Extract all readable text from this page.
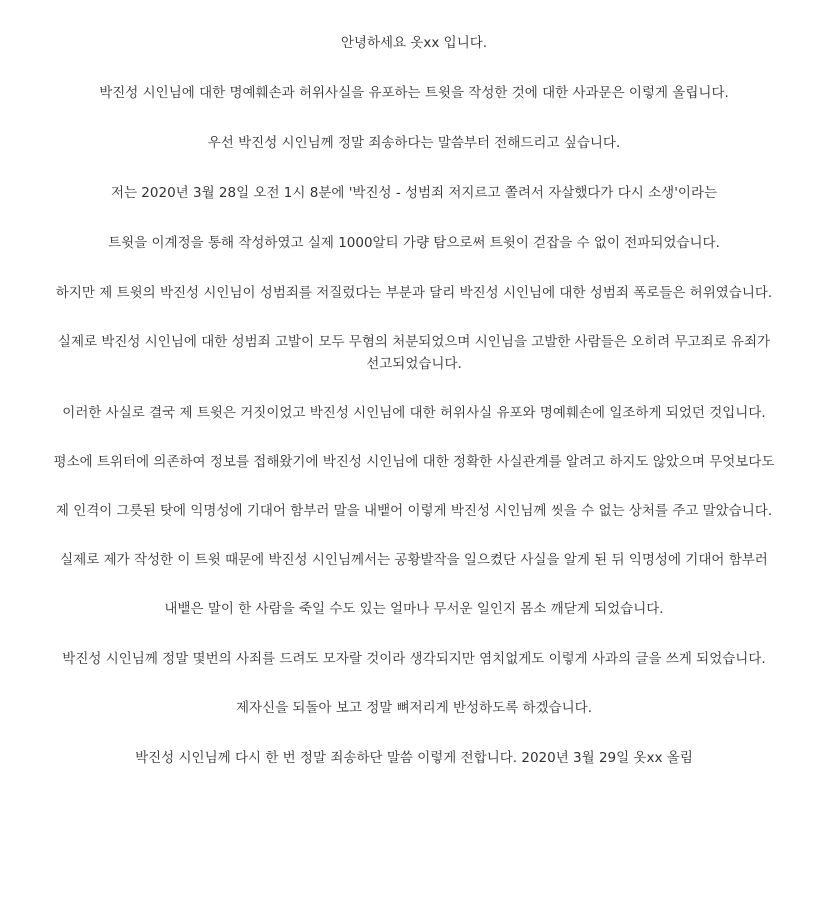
안녕하세요 옷xx 입니다.

박진성 시인님에 대한 명예훼손과 허위사실을 유포하는 트윗을 작성한 것에 대한 사과문은 이렇게 올립니다.

우선 박진성 시인님께 정말 죄송하다는 말씀부터 전해드리고 싶습니다.

저는 2020년 3월 28일 오전 1시 8분에 '박진성 - 성범죄 저지르고 쫄려서 자살했다가 다시 소생'이라는

트윗을 이계정을 통해 작성하였고 실제 1000알티 가량 탐으로써 트윗이 걷잡을 수 없이 전파되었습니다.

하지만 제 트윗의 박진성 시인님이 성범죄를 저질렀다는 부분과 달리 박진성 시인님에 대한 성범죄 폭로들은 허위였습니다.

실제로 박진성 시인님에 대한 성범죄 고발이 모두 무혐의 처분되었으며 시인님을 고발한 사람들은 오히려 무고죄로 유죄가 선고되었습니다.

이러한 사실로 결국 제 트윗은 거짓이었고 박진성 시인님에 대한 허위사실 유포와 명예훼손에 일조하게 되었던 것입니다.

평소에 트위터에 의존하여 정보를 접해왔기에 박진성 시인님에 대한 정확한 사실관계를 알려고 하지도 않았으며 무엇보다도

제 인격이 그릇된 탓에 익명성에 기대어 함부러 말을 내뱉어 이렇게 박진성 시인님께 씻을 수 없는 상처를 주고 말았습니다.

실제로 제가 작성한 이 트윗 때문에 박진성 시인님께서는 공황발작을 일으켰단 사실을 알게 된 뒤 익명성에 기대어 함부러

내뱉은 말이 한 사람을 죽일 수도 있는 얼마나 무서운 일인지 몸소 깨닫게 되었습니다.

박진성 시인님께 정말 몇번의 사죄를 드려도 모자랄 것이라 생각되지만 염치없게도 이렇게 사과의 글을 쓰게 되었습니다.

제자신을 되돌아 보고 정말 뼈저리게 반성하도록 하겠습니다.

박진성 시인님께 다시 한 번 정말 죄송하단 말씀 이렇게 전합니다. 2020년 3월 29일 옷xx 올림
